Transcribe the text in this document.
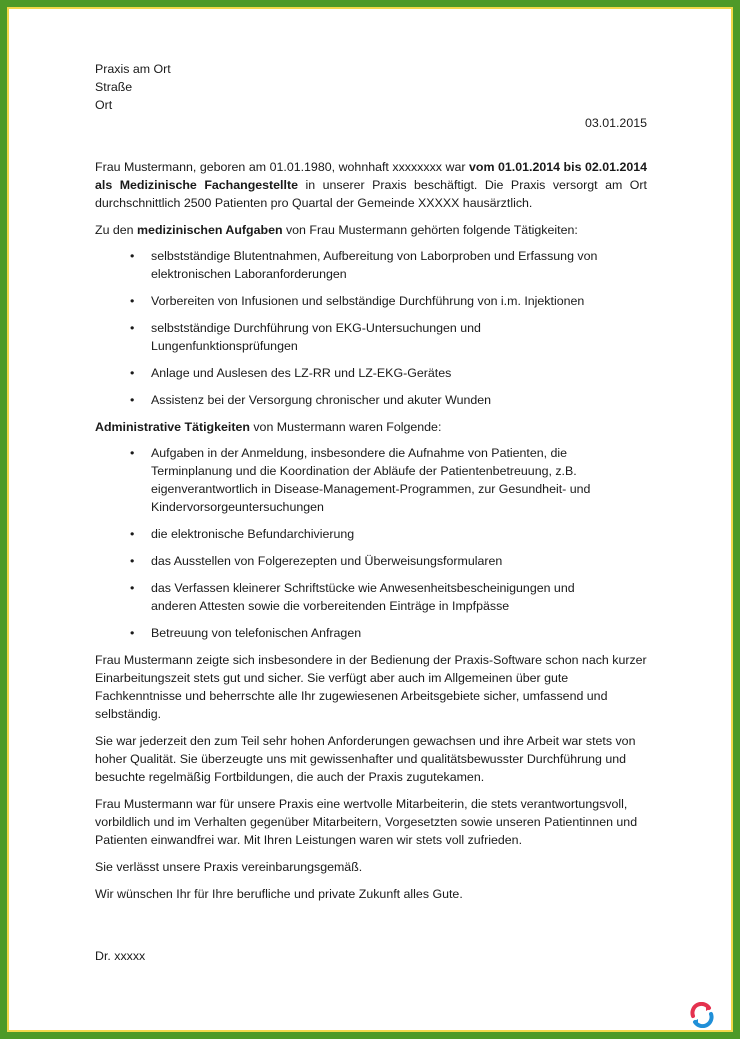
Praxis am Ort

Straße

Ort

03.01.2015

Frau Mustermann, geboren am 01.01.1980, wohnhaft xxxxxxxx war vom 01.01.2014 bis 02.01.2014 als Medizinische Fachangestellte in unserer Praxis beschäftigt. Die Praxis versorgt am Ort durchschnittlich 2500 Patienten pro Quartal der Gemeinde XXXXX hausärztlich.

Zu den medizinischen Aufgaben von Frau Mustermann gehörten folgende Tätigkeiten:

• selbstständige Blutentnahmen, Aufbereitung von Laborproben und Erfassung von elektronischen Laboranforderungen
• Vorbereiten von Infusionen und selbständige Durchführung von i.m. Injektionen
• selbstständige Durchführung von EKG-Untersuchungen und Lungenfunktionsprüfungen
• Anlage und Auslesen des LZ-RR und LZ-EKG-Gerätes
• Assistenz bei der Versorgung chronischer und akuter Wunden

Administrative Tätigkeiten von Mustermann waren Folgende:

• Aufgaben in der Anmeldung, insbesondere die Aufnahme von Patienten, die Terminplanung und die Koordination der Abläufe der Patientenbetreuung, z.B. eigenverantwortlich in Disease-Management-Programmen, zur Gesundheit- und Kindervorsorgeuntersuchungen
• die elektronische Befundarchivierung
• das Ausstellen von Folgerezepten und Überweisungsformularen
• das Verfassen kleinerer Schriftstücke wie Anwesenheitsbescheinigungen und anderen Attesten sowie die vorbereitenden Einträge in Impfpässe
• Betreuung von telefonischen Anfragen

Frau Mustermann zeigte sich insbesondere in der Bedienung der Praxis-Software schon nach kurzer Einarbeitungszeit stets gut und sicher. Sie verfügt aber auch im Allgemeinen über gute Fachkenntnisse und beherrschte alle Ihr zugewiesenen Arbeitsgebiete sicher, umfassend und selbständig.

Sie war jederzeit den zum Teil sehr hohen Anforderungen gewachsen und ihre Arbeit war stets von hoher Qualität. Sie überzeugte uns mit gewissenhafter und qualitätsbewusster Durchführung und besuchte regelmäßig Fortbildungen, die auch der Praxis zugutekamen.

Frau Mustermann war für unsere Praxis eine wertvolle Mitarbeiterin, die stets verantwortungsvoll, vorbildlich und im Verhalten gegenüber Mitarbeitern, Vorgesetzten sowie unseren Patientinnen und Patienten einwandfrei war. Mit Ihren Leistungen waren wir stets voll zufrieden.

Sie verlässt unsere Praxis vereinbarungsgemäß.

Wir wünschen Ihr für Ihre berufliche und private Zukunft alles Gute.

Dr. xxxxx
